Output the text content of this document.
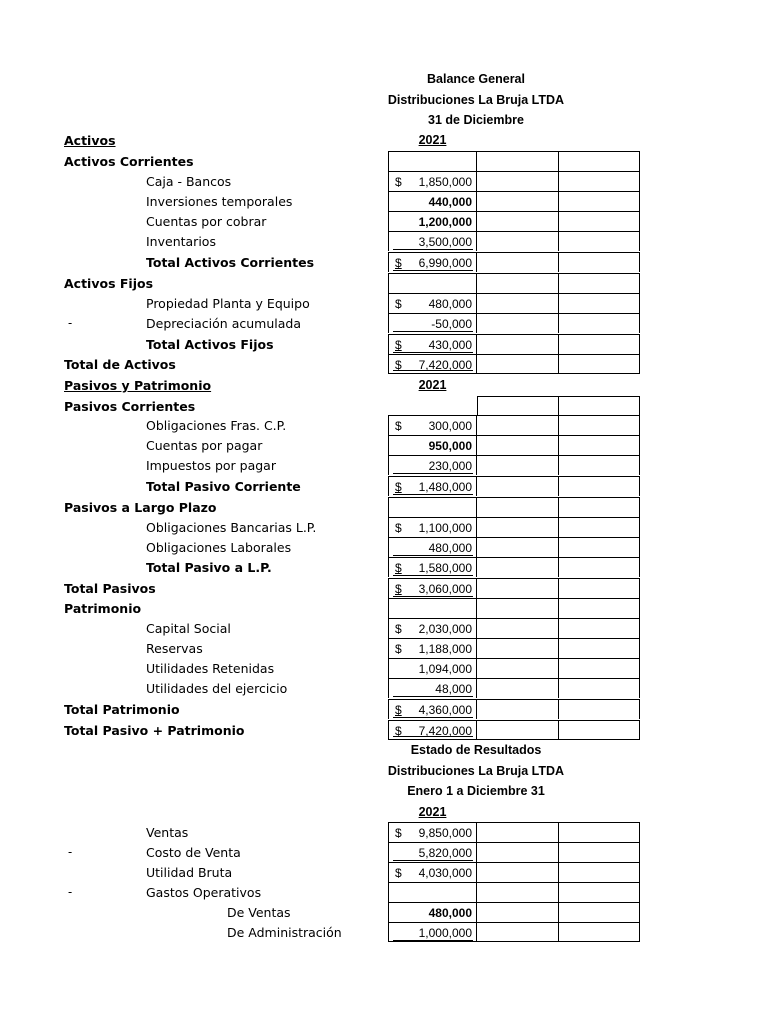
Balance General
Distribuciones La Bruja LTDA
31 de Diciembre
Activos	2021
Activos Corrientes
Caja - Bancos	$ 1,850,000
Inversiones temporales	440,000
Cuentas por cobrar	1,200,000
Inventarios	3,500,000
Total Activos Corrientes	$ 6,990,000
Activos Fijos
Propiedad Planta y Equipo	$ 480,000
-	Depreciación acumulada	-50,000
Total Activos Fijos	$ 430,000
Total de Activos	$ 7,420,000
Pasivos y Patrimonio	2021
Pasivos Corrientes
Obligaciones Fras. C.P.	$ 300,000
Cuentas por pagar	950,000
Impuestos por pagar	230,000
Total Pasivo Corriente	$ 1,480,000
Pasivos a Largo Plazo
Obligaciones Bancarias L.P.	$ 1,100,000
Obligaciones Laborales	480,000
Total Pasivo a L.P.	$ 1,580,000
Total Pasivos	$ 3,060,000
Patrimonio
Capital Social	$ 2,030,000
Reservas	$ 1,188,000
Utilidades Retenidas	1,094,000
Utilidades del ejercicio	48,000
Total Patrimonio	$ 4,360,000
Total Pasivo + Patrimonio	$ 7,420,000
Estado de Resultados
Distribuciones La Bruja LTDA
Enero 1 a Diciembre 31
2021
Ventas	$ 9,850,000
-	Costo de Venta	5,820,000
Utilidad Bruta	$ 4,030,000
-	Gastos Operativos
De Ventas	480,000
De Administración	1,000,000
